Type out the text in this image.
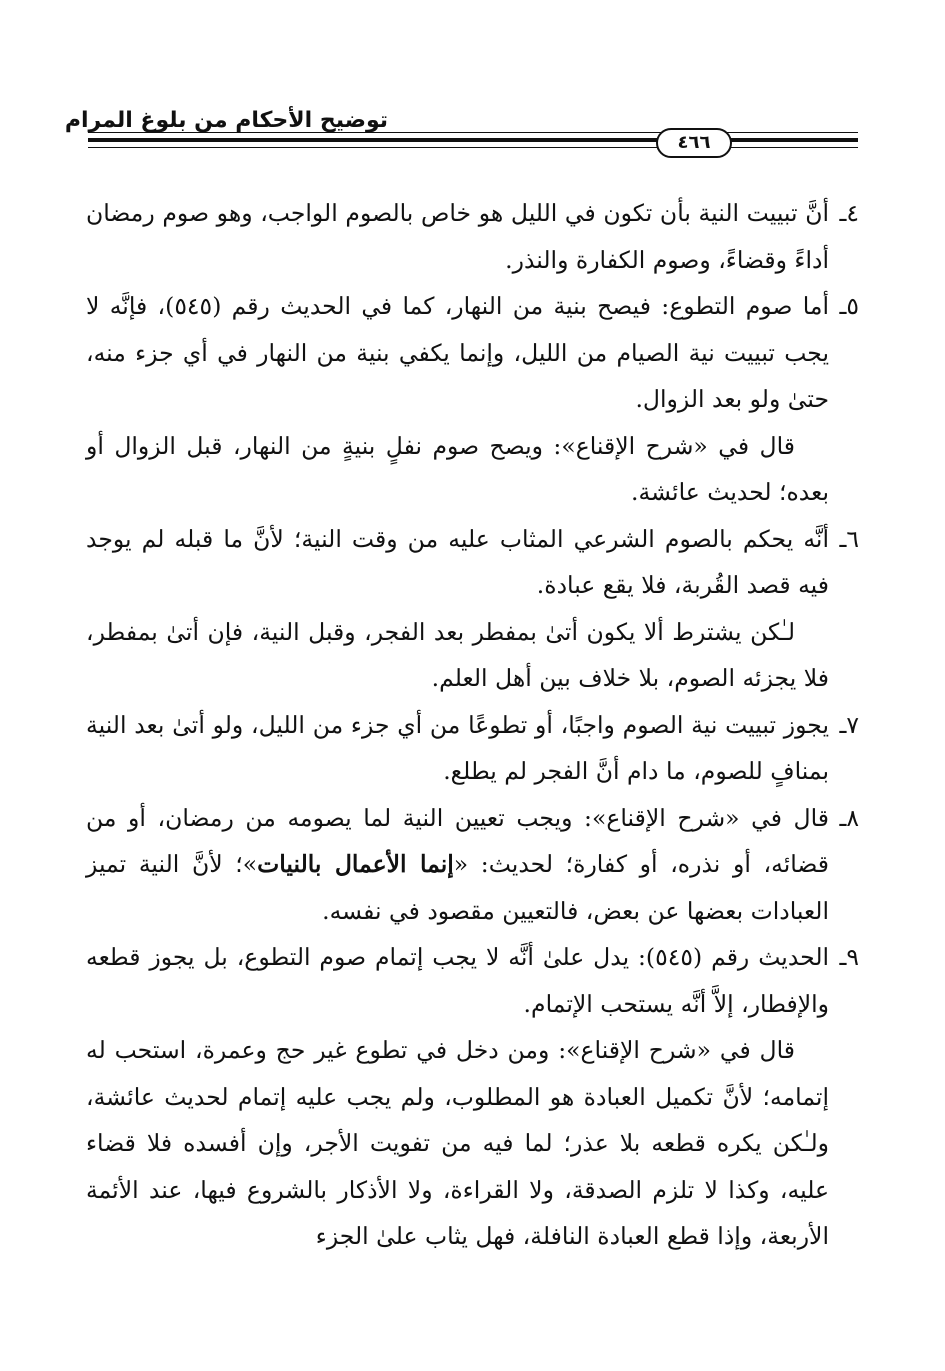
توضيح الأحكام من بلوغ المرام
٤٦٦
٤ـ
أنَّ تبييت النية بأن تكون في الليل هو خاص بالصوم الواجب، وهو صوم رمضان أداءً وقضاءً، وصوم الكفارة والنذر.
٥ـ
أما صوم التطوع: فيصح بنية من النهار، كما في الحديث رقم (٥٤٥)، فإنَّه لا يجب تبييت نية الصيام من الليل، وإنما يكفي بنية من النهار في أي جزء منه، حتىٰ ولو بعد الزوال.

قال في «شرح الإقناع»: ويصح صوم نفلٍ بنيةٍ من النهار، قبل الزوال أو بعده؛ لحديث عائشة.

٦ـ
أنَّه يحكم بالصوم الشرعي المثاب عليه من وقت النية؛ لأنَّ ما قبله لم يوجد فيه قصد القُربة، فلا يقع عبادة.

لـٰكن يشترط ألا يكون أتىٰ بمفطر بعد الفجر، وقبل النية، فإن أتىٰ بمفطر، فلا يجزئه الصوم، بلا خلاف بين أهل العلم.

٧ـ
يجوز تبييت نية الصوم واجبًا، أو تطوعًا من أي جزء من الليل، ولو أتىٰ بعد النية بمنافٍ للصوم، ما دام أنَّ الفجر لم يطلع.
٨ـ
قال في «شرح الإقناع»: ويجب تعيين النية لما يصومه من رمضان، أو من قضائه، أو نذره، أو كفارة؛ لحديث: «إنما الأعمال بالنيات»؛ لأنَّ النية تميز العبادات بعضها عن بعض، فالتعيين مقصود في نفسه.
٩ـ
الحديث رقم (٥٤٥): يدل علىٰ أنَّه لا يجب إتمام صوم التطوع، بل يجوز قطعه والإفطار، إلاَّ أنَّه يستحب الإتمام.

قال في «شرح الإقناع»: ومن دخل في تطوع غير حج وعمرة، استحب له إتمامه؛ لأنَّ تكميل العبادة هو المطلوب، ولم يجب عليه إتمام لحديث عائشة، ولـٰكن يكره قطعه بلا عذر؛ لما فيه من تفويت الأجر، وإن أفسده فلا قضاء عليه، وكذا لا تلزم الصدقة، ولا القراءة، ولا الأذكار بالشروع فيها، عند الأئمة الأربعة، وإذا قطع العبادة النافلة، فهل يثاب علىٰ الجزء
